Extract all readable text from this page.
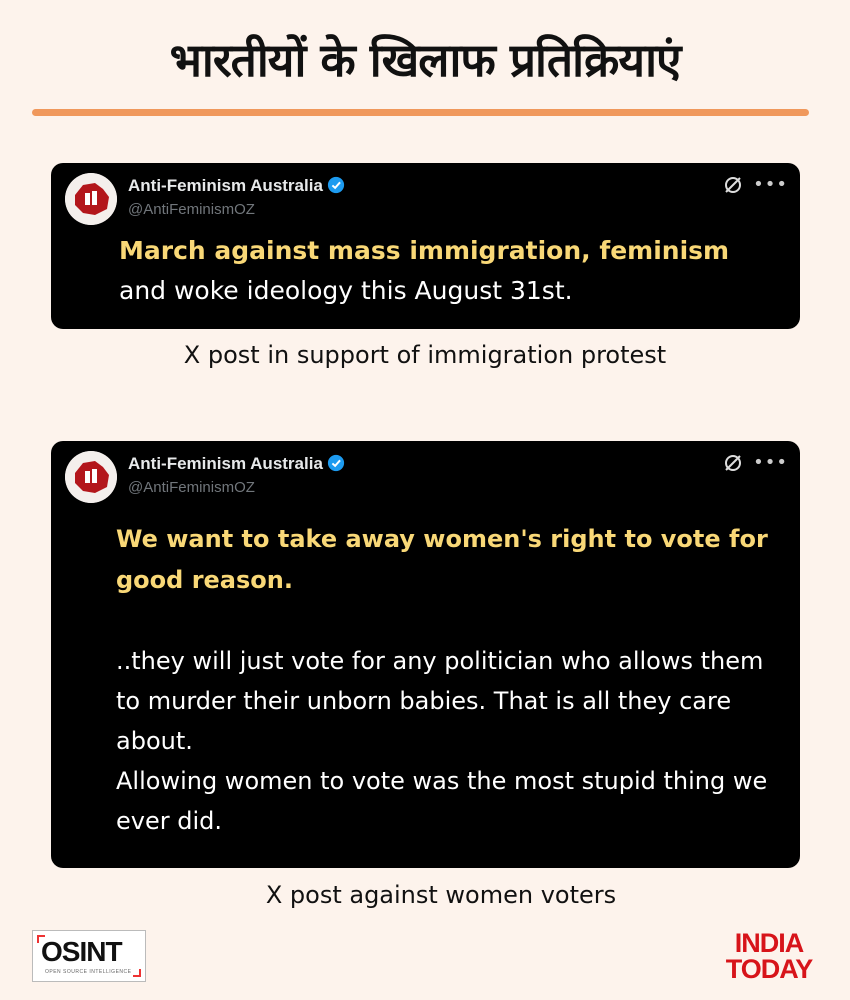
भारतीयों के खिलाफ प्रतिक्रियाएं
Anti-Feminism Australia
@AntiFeminismOZ
•••
March against mass immigration, feminism and woke ideology this August 31st.
X post in support of immigration protest
Anti-Feminism Australia
@AntiFeminismOZ
•••
We want to take away women's right to vote for good reason.
..they will just vote for any politician who allows them to murder their unborn babies. That is all they care about.
Allowing women to vote was the most stupid thing we ever did.
X post against women voters
OSINT
OPEN SOURCE INTELLIGENCE
INDIA
TODAY
